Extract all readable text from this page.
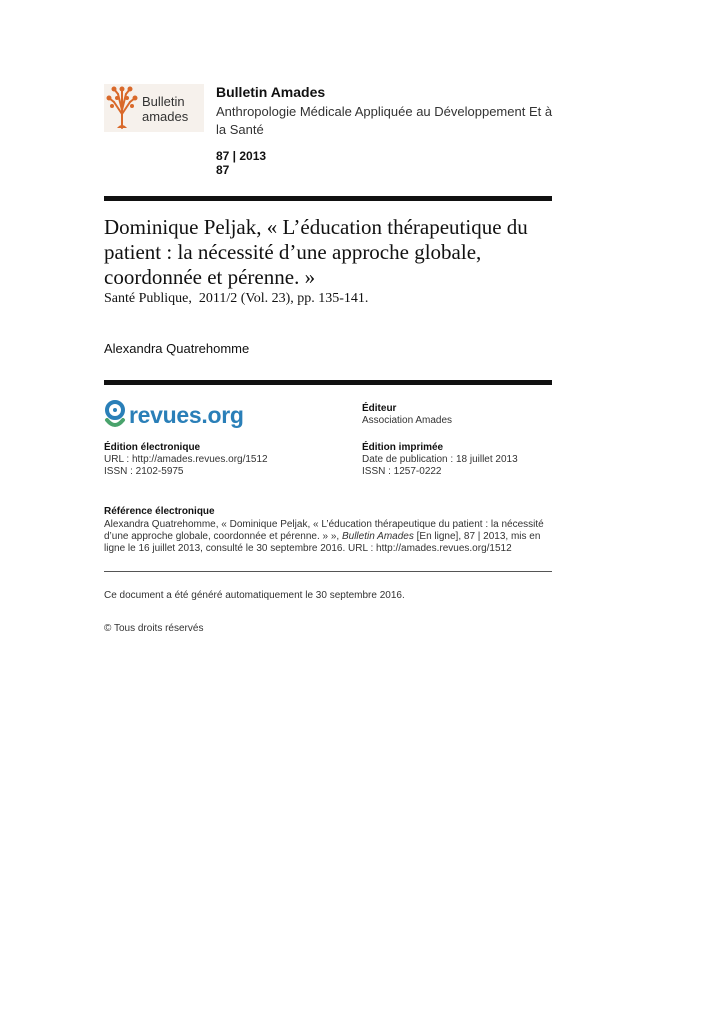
Bulletin
amades
Bulletin Amades
Anthropologie Médicale Appliquée au Développement Et à la Santé
87 | 2013
87
Dominique Peljak, « L’éducation thérapeutique du patient : la nécessité d’une approche globale, coordonnée et pérenne. »
Santé Publique,  2011/2 (Vol. 23), pp. 135-141.
Alexandra Quatrehomme
revues.org	Éditeur
Association Amades
Édition électronique
URL : http://amades.revues.org/1512
ISSN : 2102-5975
Édition imprimée
Date de publication : 18 juillet 2013
ISSN : 1257-0222
Référence électronique
Alexandra Quatrehomme, « Dominique Peljak, « L’éducation thérapeutique du patient : la nécessité d’une approche globale, coordonnée et pérenne. » », Bulletin Amades [En ligne], 87 | 2013, mis en ligne le 16 juillet 2013, consulté le 30 septembre 2016. URL : http://amades.revues.org/1512
Ce document a été généré automatiquement le 30 septembre 2016.
© Tous droits réservés
